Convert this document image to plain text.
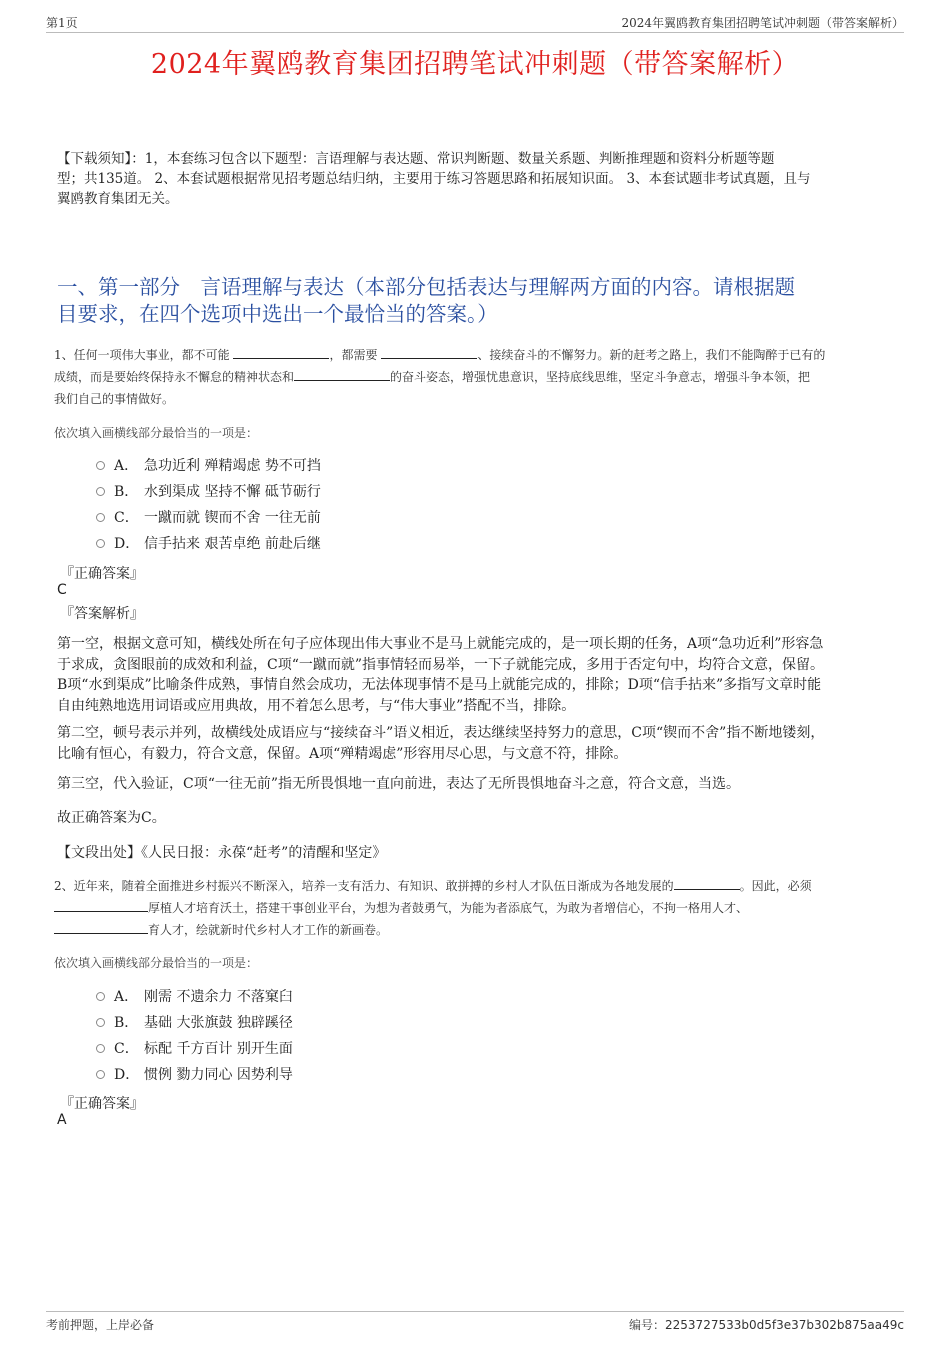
第1页	2024年翼鸥教育集团招聘笔试冲刺题（带答案解析）
2024年翼鸥教育集团招聘笔试冲刺题（带答案解析）
【下载须知】：1，本套练习包含以下题型：言语理解与表达题、常识判断题、数量关系题、判断推理题和资料分析题等题
型；共135道。 2、本套试题根据常见招考题总结归纳，主要用于练习答题思路和拓展知识面。 3、本套试题非考试真题，且与
翼鸥教育集团无关。
一、第一部分　言语理解与表达（本部分包括表达与理解两方面的内容。请根据题
目要求，在四个选项中选出一个最恰当的答案。）
1、任何一项伟大事业，都不可能	，都需要	、接续奋斗的不懈努力。新的赶考之路上，我们不能陶醉于已有的
成绩，而是要始终保持永不懈怠的精神状态和	的奋斗姿态，增强忧患意识，坚持底线思维，坚定斗争意志，增强斗争本领，把
我们自己的事情做好。
依次填入画横线部分最恰当的一项是：
A． 急功近利 殚精竭虑 势不可挡
B． 水到渠成 坚持不懈 砥节砺行
C． 一蹴而就 锲而不舍 一往无前
D． 信手拈来 艰苦卓绝 前赴后继
『正确答案』
C
『答案解析』
第一空，根据文意可知，横线处所在句子应体现出伟大事业不是马上就能完成的，是一项长期的任务，A项“急功近利”形容急
于求成，贪图眼前的成效和利益，C项“一蹴而就”指事情轻而易举，一下子就能完成，多用于否定句中，均符合文意，保留。
B项“水到渠成”比喻条件成熟，事情自然会成功，无法体现事情不是马上就能完成的，排除；D项“信手拈来”多指写文章时能
自由纯熟地选用词语或应用典故，用不着怎么思考，与“伟大事业”搭配不当，排除。
第二空，顿号表示并列，故横线处成语应与“接续奋斗”语义相近，表达继续坚持努力的意思，C项“锲而不舍”指不断地镂刻，
比喻有恒心，有毅力，符合文意，保留。A项“殚精竭虑”形容用尽心思，与文意不符，排除。
第三空，代入验证，C项“一往无前”指无所畏惧地一直向前进，表达了无所畏惧地奋斗之意，符合文意，当选。
故正确答案为C。
【文段出处】《人民日报：永葆“赶考”的清醒和坚定》
2、近年来，随着全面推进乡村振兴不断深入，培养一支有活力、有知识、敢拼搏的乡村人才队伍日渐成为各地发展的	。因此，必须
厚植人才培育沃土，搭建干事创业平台，为想为者鼓勇气，为能为者添底气，为敢为者增信心，不拘一格用人才、
育人才，绘就新时代乡村人才工作的新画卷。
依次填入画横线部分最恰当的一项是：
A． 刚需 不遗余力 不落窠臼
B． 基础 大张旗鼓 独辟蹊径
C． 标配 千方百计 别开生面
D． 惯例 勠力同心 因势利导
『正确答案』
A
考前押题，上岸必备	编号：2253727533b0d5f3e37b302b875aa49c
